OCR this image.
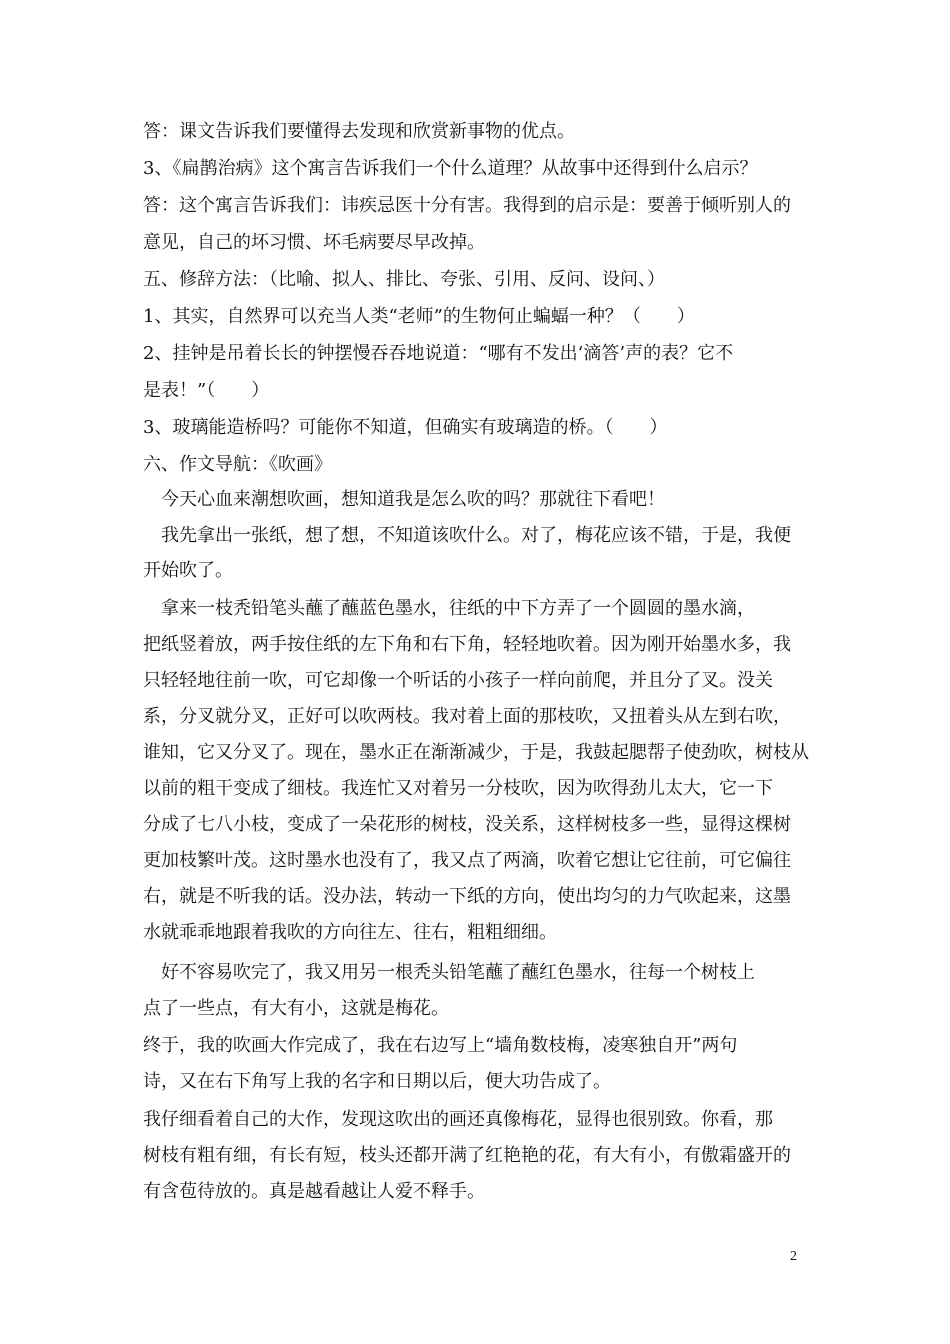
答：课文告诉我们要懂得去发现和欣赏新事物的优点。
3、《扁鹊治病》这个寓言告诉我们一个什么道理？从故事中还得到什么启示？
答：这个寓言告诉我们：讳疾忌医十分有害。我得到的启示是：要善于倾听别人的
意见，自己的坏习惯、坏毛病要尽早改掉。
五、修辞方法：（比喻、拟人、排比、夸张、引用、反问、设问、）
1、其实，自然界可以充当人类“老师”的生物何止蝙蝠一种？（　　）
2、挂钟是吊着长长的钟摆慢吞吞地说道：“哪有不发出‘滴答’声的表？它不
是表！”（　　）
3、玻璃能造桥吗？可能你不知道，但确实有玻璃造的桥。（　　）
六、作文导航：《吹画》
　今天心血来潮想吹画，想知道我是怎么吹的吗？那就往下看吧！
　我先拿出一张纸，想了想，不知道该吹什么。对了，梅花应该不错，于是，我便
开始吹了。
　拿来一枝秃铅笔头蘸了蘸蓝色墨水，往纸的中下方弄了一个圆圆的墨水滴，
把纸竖着放，两手按住纸的左下角和右下角，轻轻地吹着。因为刚开始墨水多，我
只轻轻地往前一吹，可它却像一个听话的小孩子一样向前爬，并且分了叉。没关
系，分叉就分叉，正好可以吹两枝。我对着上面的那枝吹，又扭着头从左到右吹，
谁知，它又分叉了。现在，墨水正在渐渐减少，于是，我鼓起腮帮子使劲吹，树枝从
以前的粗干变成了细枝。我连忙又对着另一分枝吹，因为吹得劲儿太大，它一下
分成了七八小枝，变成了一朵花形的树枝，没关系，这样树枝多一些，显得这棵树
更加枝繁叶茂。这时墨水也没有了，我又点了两滴，吹着它想让它往前，可它偏往
右，就是不听我的话。没办法，转动一下纸的方向，使出均匀的力气吹起来，这墨
水就乖乖地跟着我吹的方向往左、往右，粗粗细细。
　好不容易吹完了，我又用另一根秃头铅笔蘸了蘸红色墨水，往每一个树枝上
点了一些点，有大有小，这就是梅花。
终于，我的吹画大作完成了，我在右边写上“墙角数枝梅，凌寒独自开”两句
诗，又在右下角写上我的名字和日期以后，便大功告成了。
我仔细看着自己的大作，发现这吹出的画还真像梅花，显得也很别致。你看，那
树枝有粗有细，有长有短，枝头还都开满了红艳艳的花，有大有小，有傲霜盛开的
有含苞待放的。真是越看越让人爱不释手。
2
